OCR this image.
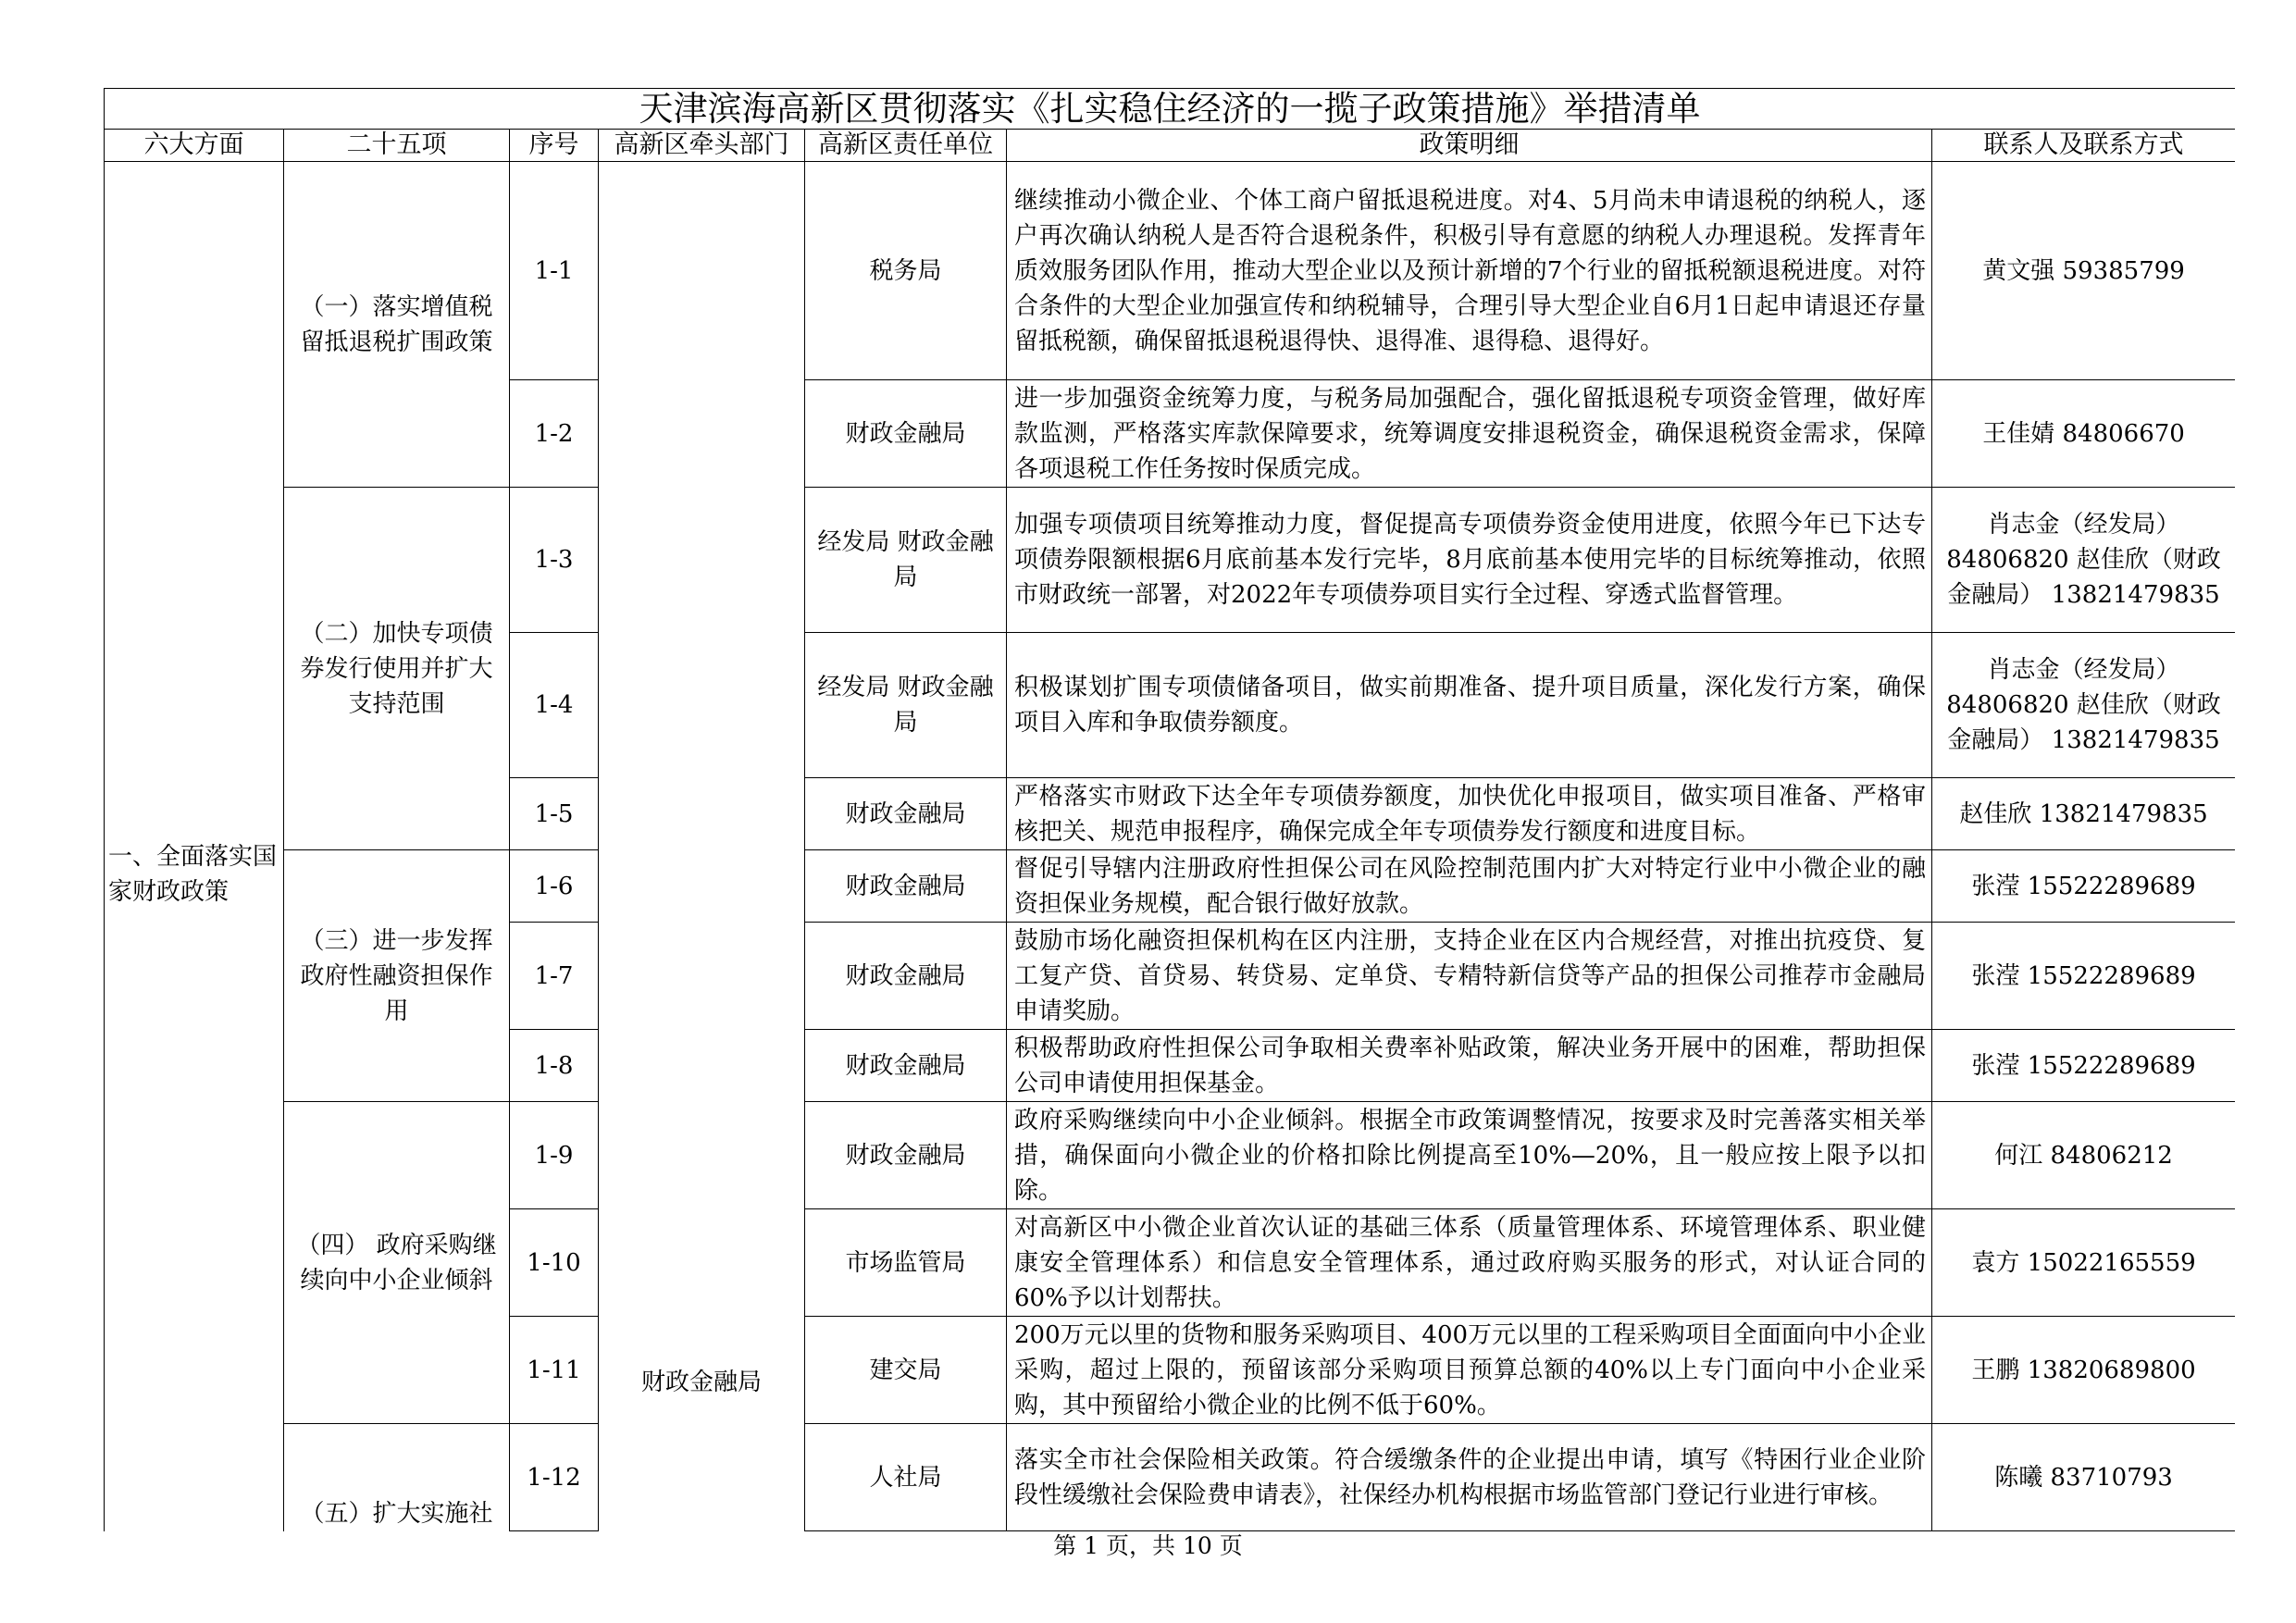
天津滨海高新区贯彻落实《扎实稳住经济的一揽子政策措施》举措清单						
六大方面	二十五项	序号	高新区牵头部门	高新区责任单位	政策明细	联系人及联系方式
一、全面落实国家财政政策	（一）落实增值税留抵退税扩围政策	1-1	财政金融局	税务局	继续推动小微企业、个体工商户留抵退税进度。对4、5月尚未申请退税的纳税人，逐户再次确认纳税人是否符合退税条件，积极引导有意愿的纳税人办理退税。发挥青年质效服务团队作用，推动大型企业以及预计新增的7个行业的留抵税额退税进度。对符合条件的大型企业加强宣传和纳税辅导，合理引导大型企业自6月1日起申请退还存量留抵税额，确保留抵退税退得快、退得准、退得稳、退得好。	黄文强 59385799
		1-2		财政金融局	进一步加强资金统筹力度，与税务局加强配合，强化留抵退税专项资金管理，做好库款监测，严格落实库款保障要求，统筹调度安排退税资金，确保退税资金需求，保障各项退税工作任务按时保质完成。	王佳婧 84806670
	（二）加快专项债券发行使用并扩大支持范围	1-3		经发局 财政金融局	加强专项债项目统筹推动力度，督促提高专项债券资金使用进度，依照今年已下达专项债券限额根据6月底前基本发行完毕，8月底前基本使用完毕的目标统筹推动，依照市财政统一部署，对2022年专项债券项目实行全过程、穿透式监督管理。	肖志金（经发局） 84806820 赵佳欣（财政金融局） 13821479835
		1-4		经发局 财政金融局	积极谋划扩围专项债储备项目，做实前期准备、提升项目质量，深化发行方案，确保项目入库和争取债券额度。	肖志金（经发局） 84806820 赵佳欣（财政金融局） 13821479835
		1-5		财政金融局	严格落实市财政下达全年专项债券额度，加快优化申报项目，做实项目准备、严格审核把关、规范申报程序，确保完成全年专项债券发行额度和进度目标。	赵佳欣 13821479835
	（三）进一步发挥政府性融资担保作用	1-6		财政金融局	督促引导辖内注册政府性担保公司在风险控制范围内扩大对特定行业中小微企业的融资担保业务规模，配合银行做好放款。	张滢 15522289689
		1-7		财政金融局	鼓励市场化融资担保机构在区内注册，支持企业在区内合规经营，对推出抗疫贷、复工复产贷、首贷易、转贷易、定单贷、专精特新信贷等产品的担保公司推荐市金融局申请奖励。	张滢 15522289689
		1-8		财政金融局	积极帮助政府性担保公司争取相关费率补贴政策，解决业务开展中的困难，帮助担保公司申请使用担保基金。	张滢 15522289689
	（四） 政府采购继续向中小企业倾斜	1-9		财政金融局	政府采购继续向中小企业倾斜。根据全市政策调整情况，按要求及时完善落实相关举措，确保面向小微企业的价格扣除比例提高至10%—20%，且一般应按上限予以扣除。	何江 84806212
		1-10		市场监管局	对高新区中小微企业首次认证的基础三体系（质量管理体系、环境管理体系、职业健康安全管理体系）和信息安全管理体系，通过政府购买服务的形式，对认证合同的60%予以计划帮扶。	袁方 15022165559
		1-11		建交局	200万元以里的货物和服务采购项目、400万元以里的工程采购项目全面面向中小企业采购，超过上限的，预留该部分采购项目预算总额的40%以上专门面向中小企业采购，其中预留给小微企业的比例不低于60%。	王鹏 13820689800
	（五）扩大实施社	1-12		人社局	落实全市社会保险相关政策。符合缓缴条件的企业提出申请，填写《特困行业企业阶段性缓缴社会保险费申请表》，社保经办机构根据市场监管部门登记行业进行审核。	陈曦 83710793

第 1 页，共 10 页
